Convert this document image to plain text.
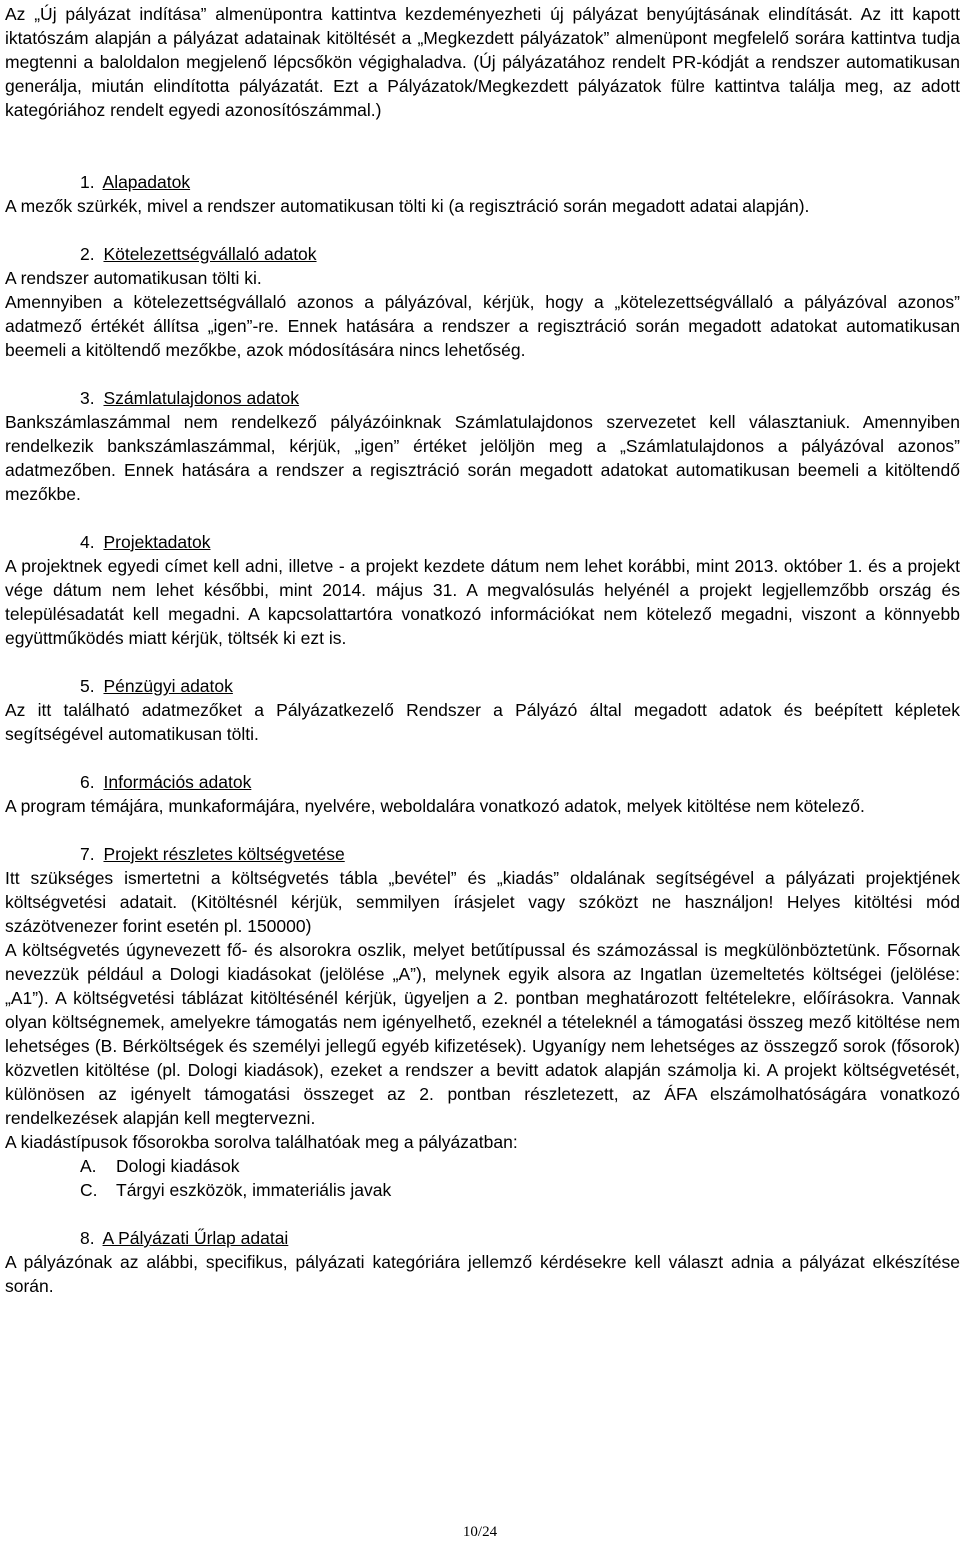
Az „Új pályázat indítása” almenüpontra kattintva kezdeményezheti új pályázat benyújtásának elindítását. Az itt kapott iktatószám alapján a pályázat adatainak kitöltését a „Megkezdett pályázatok” almenüpont megfelelő sorára kattintva tudja megtenni a baloldalon megjelenő lépcsőkön végighaladva. (Új pályázatához rendelt PR-kódját a rendszer automatikusan generálja, miután elindította pályázatát. Ezt a Pályázatok/Megkezdett pályázatok fülre kattintva találja meg, az adott kategóriához rendelt egyedi azonosítószámmal.)

1. Alapadatok

A mezők szürkék, mivel a rendszer automatikusan tölti ki (a regisztráció során megadott adatai alapján).

2. Kötelezettségvállaló adatok

A rendszer automatikusan tölti ki.

Amennyiben a kötelezettségvállaló azonos a pályázóval, kérjük, hogy a „kötelezettségvállaló a pályázóval azonos” adatmező értékét állítsa „igen”-re. Ennek hatására a rendszer a regisztráció során megadott adatokat automatikusan beemeli a kitöltendő mezőkbe, azok módosítására nincs lehetőség.

3. Számlatulajdonos adatok

Bankszámlaszámmal nem rendelkező pályázóinknak Számlatulajdonos szervezetet kell választaniuk. Amennyiben rendelkezik bankszámlaszámmal, kérjük, „igen” értéket jelöljön meg a „Számlatulajdonos a pályázóval azonos” adatmezőben. Ennek hatására a rendszer a regisztráció során megadott adatokat automatikusan beemeli a kitöltendő mezőkbe.

4. Projektadatok

A projektnek egyedi címet kell adni, illetve - a projekt kezdete dátum nem lehet korábbi, mint 2013. október 1. és a projekt vége dátum nem lehet későbbi, mint 2014. május 31. A megvalósulás helyénél a projekt legjellemzőbb ország és településadatát kell megadni. A kapcsolattartóra vonatkozó információkat nem kötelező megadni, viszont a könnyebb együttműködés miatt kérjük, töltsék ki ezt is.

5. Pénzügyi adatok

Az itt található adatmezőket a Pályázatkezelő Rendszer a Pályázó által megadott adatok és beépített képletek segítségével automatikusan tölti.

6. Információs adatok

A program témájára, munkaformájára, nyelvére, weboldalára vonatkozó adatok, melyek kitöltése nem kötelező.

7. Projekt részletes költségvetése

Itt szükséges ismertetni a költségvetés tábla „bevétel” és „kiadás” oldalának segítségével a pályázati projektjének költségvetési adatait. (Kitöltésnél kérjük, semmilyen írásjelet vagy szóközt ne használjon! Helyes kitöltési mód százötvenezer forint esetén pl. 150000)

A költségvetés úgynevezett fő- és alsorokra oszlik, melyet betűtípussal és számozással is megkülönböztetünk. Fősornak nevezzük például a Dologi kiadásokat (jelölése „A”), melynek egyik alsora az Ingatlan üzemeltetés költségei (jelölése: „A1”). A költségvetési táblázat kitöltésénél kérjük, ügyeljen a 2. pontban meghatározott feltételekre, előírásokra. Vannak olyan költségnemek, amelyekre támogatás nem igényelhető, ezeknél a tételeknél a támogatási összeg mező kitöltése nem lehetséges (B. Bérköltségek és személyi jellegű egyéb kifizetések). Ugyanígy nem lehetséges az összegző sorok (fősorok) közvetlen kitöltése (pl. Dologi kiadások), ezeket a rendszer a bevitt adatok alapján számolja ki. A projekt költségvetését, különösen az igényelt támogatási összeget az 2. pontban részletezett, az ÁFA elszámolhatóságára vonatkozó rendelkezések alapján kell megtervezni.

A kiadástípusok fősorokba sorolva találhatóak meg a pályázatban:

A. Dologi kiadások
C. Tárgyi eszközök, immateriális javak
8. A Pályázati Űrlap adatai

A pályázónak az alábbi, specifikus, pályázati kategóriára jellemző kérdésekre kell választ adnia a pályázat elkészítése során.

10/24
